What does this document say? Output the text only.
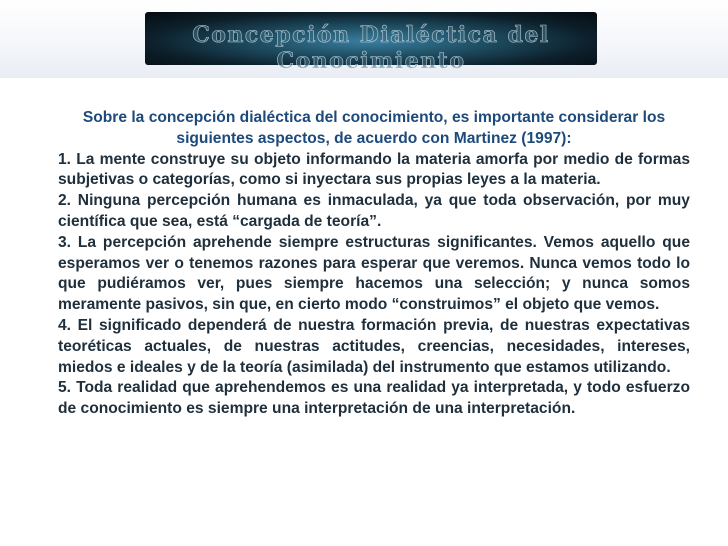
Concepción Dialéctica del Conocimiento
Sobre la concepción dialéctica del conocimiento, es importante considerar los siguientes aspectos, de acuerdo con Martinez (1997):
1. La mente construye su objeto informando la materia amorfa por medio de formas subjetivas o categorías, como si inyectara sus propias leyes a la materia.
2. Ninguna percepción humana es inmaculada, ya que toda observación, por muy científica que sea, está “cargada de teoría”.
3. La percepción aprehende siempre estructuras significantes. Vemos aquello que esperamos ver o tenemos razones para esperar que veremos. Nunca vemos todo lo que pudiéramos ver, pues siempre hacemos una selección; y nunca somos meramente pasivos, sin que, en cierto modo “construimos” el objeto que vemos.
4. El significado dependerá de nuestra formación previa, de nuestras expectativas teoréticas actuales, de nuestras actitudes, creencias, necesidades, intereses, miedos e ideales y de la teoría (asimilada) del instrumento que estamos utilizando.
5. Toda realidad que aprehendemos es una realidad ya interpretada, y todo esfuerzo de conocimiento es siempre una interpretación de una interpretación.
